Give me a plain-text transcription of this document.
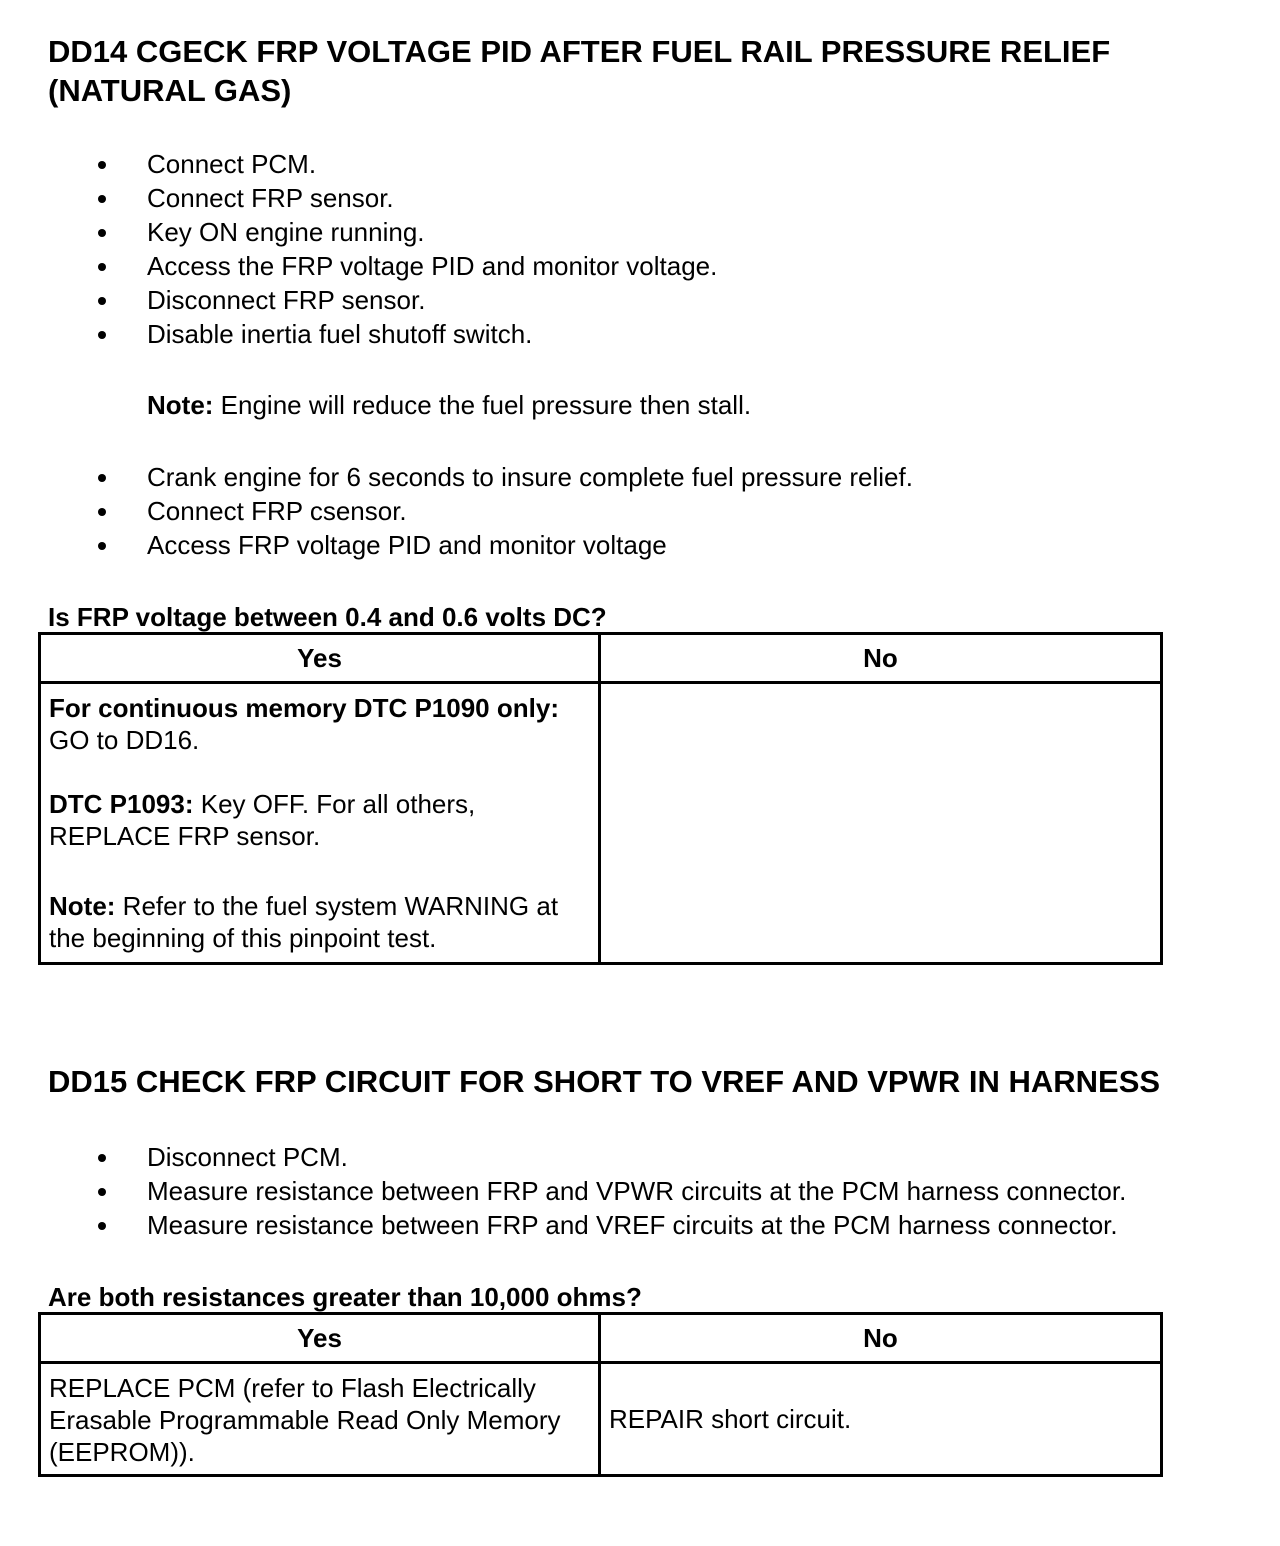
DD14 CGECK FRP VOLTAGE PID AFTER FUEL RAIL PRESSURE RELIEF
(NATURAL GAS)
Connect PCM.
Connect FRP sensor.
Key ON engine running.
Access the FRP voltage PID and monitor voltage.
Disconnect FRP sensor.
Disable inertia fuel shutoff switch.
Note: Engine will reduce the fuel pressure then stall.
Crank engine for 6 seconds to insure complete fuel pressure relief.
Connect FRP csensor.
Access FRP voltage PID and monitor voltage
Is FRP voltage between 0.4 and 0.6 volts DC?
Yes	No

For continuous memory DTC P1090 only: GO to DD16.

DTC P1093: Key OFF. For all others, REPLACE FRP sensor.

Note: Refer to the fuel system WARNING at the beginning of this pinpoint test.	

DD15 CHECK FRP CIRCUIT FOR SHORT TO VREF AND VPWR IN HARNESS
Disconnect PCM.
Measure resistance between FRP and VPWR circuits at the PCM harness connector.
Measure resistance between FRP and VREF circuits at the PCM harness connector.
Are both resistances greater than 10,000 ohms?
Yes	No
REPLACE PCM (refer to Flash Electrically Erasable Programmable Read Only Memory (EEPROM)).	REPAIR short circuit.
